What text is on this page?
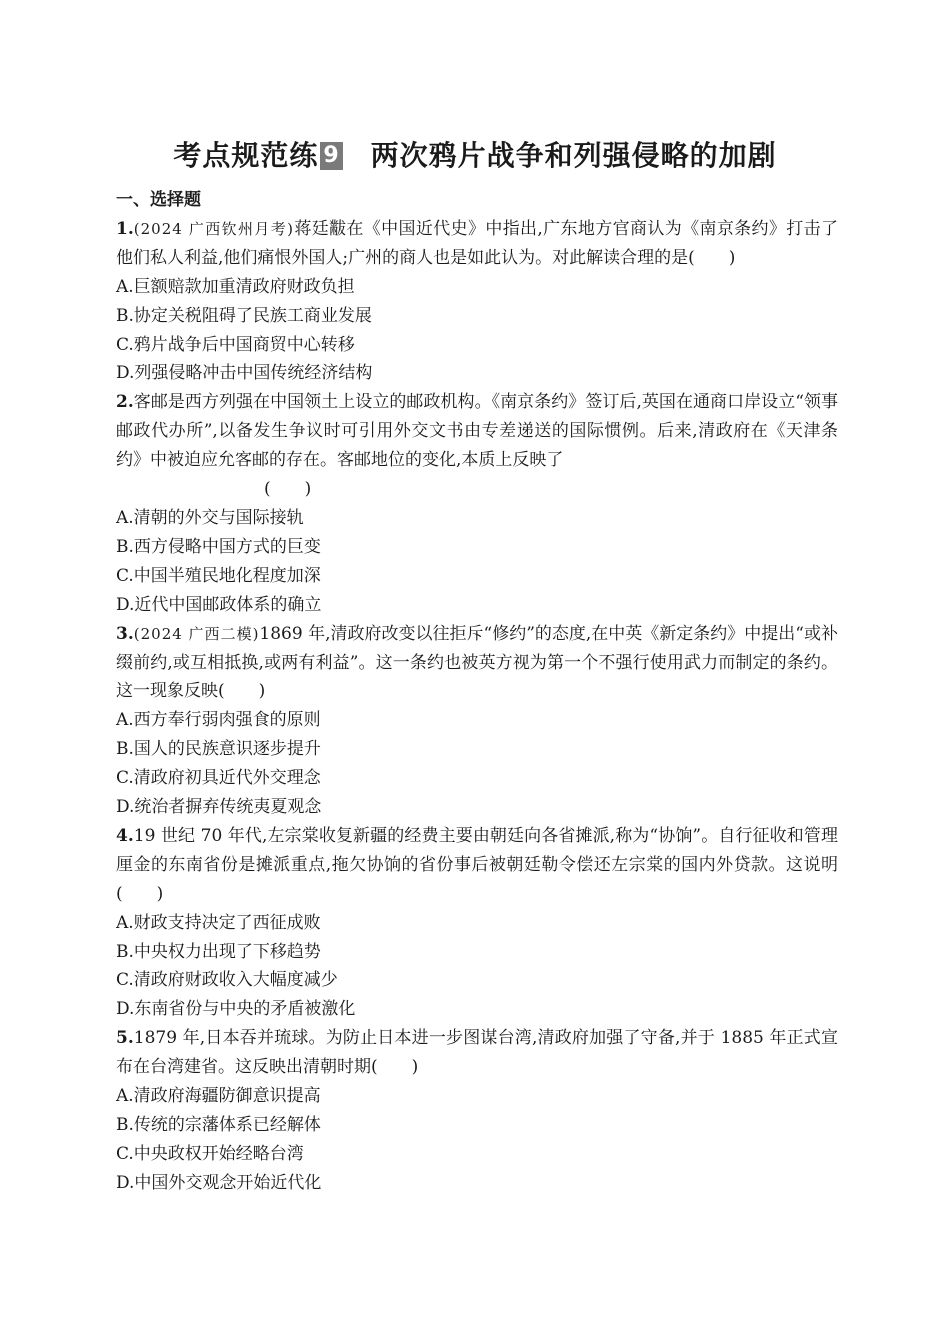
考点规范练 9 两次鸦片战争和列强侵略的加剧

一、选择题

1.(2024 广西钦州月考)蒋廷黻在《中国近代史》中指出,广东地方官商认为《南京条约》打击了他们私人利益,他们痛恨外国人;广州的商人也是如此认为。对此解读合理的是(　　)

A.巨额赔款加重清政府财政负担

B.协定关税阻碍了民族工商业发展

C.鸦片战争后中国商贸中心转移

D.列强侵略冲击中国传统经济结构

2.客邮是西方列强在中国领土上设立的邮政机构。《南京条约》签订后,英国在通商口岸设立“领事邮政代办所”,以备发生争议时可引用外交文书由专差递送的国际惯例。后来,清政府在《天津条约》中被迫应允客邮的存在。客邮地位的变化,本质上反映了

(　　)

A.清朝的外交与国际接轨

B.西方侵略中国方式的巨变

C.中国半殖民地化程度加深

D.近代中国邮政体系的确立

3.(2024 广西二模)1869 年,清政府改变以往拒斥“修约”的态度,在中英《新定条约》中提出“或补缀前约,或互相抵换,或两有利益”。这一条约也被英方视为第一个不强行使用武力而制定的条约。这一现象反映(　　)

A.西方奉行弱肉强食的原则

B.国人的民族意识逐步提升

C.清政府初具近代外交理念

D.统治者摒弃传统夷夏观念

4.19 世纪 70 年代,左宗棠收复新疆的经费主要由朝廷向各省摊派,称为“协饷”。自行征收和管理厘金的东南省份是摊派重点,拖欠协饷的省份事后被朝廷勒令偿还左宗棠的国内外贷款。这说明(　　)

A.财政支持决定了西征成败

B.中央权力出现了下移趋势

C.清政府财政收入大幅度减少

D.东南省份与中央的矛盾被激化

5.1879 年,日本吞并琉球。为防止日本进一步图谋台湾,清政府加强了守备,并于 1885 年正式宣布在台湾建省。这反映出清朝时期(　　)

A.清政府海疆防御意识提高

B.传统的宗藩体系已经解体

C.中央政权开始经略台湾

D.中国外交观念开始近代化
